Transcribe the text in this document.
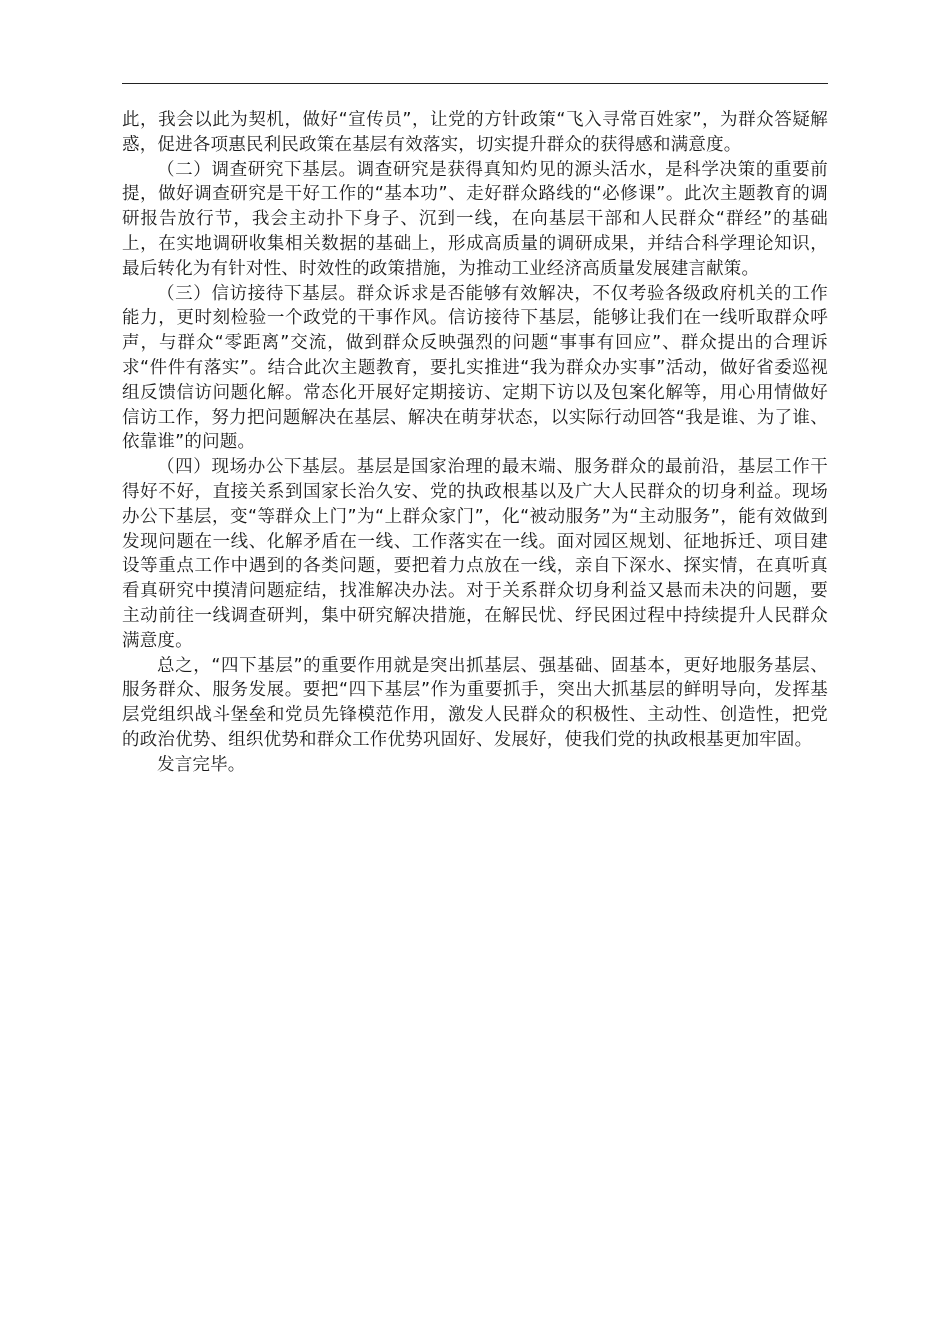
此，我会以此为契机，做好“宣传员”，让党的方针政策“飞入寻常百姓家”，为群众答疑解惑，促进各项惠民利民政策在基层有效落实，切实提升群众的获得感和满意度。

（二）调查研究下基层。调查研究是获得真知灼见的源头活水，是科学决策的重要前提，做好调查研究是干好工作的“基本功”、走好群众路线的“必修课”。此次主题教育的调研报告放行节，我会主动扑下身子、沉到一线，在向基层干部和人民群众“群经”的基础上，在实地调研收集相关数据的基础上，形成高质量的调研成果，并结合科学理论知识，最后转化为有针对性、时效性的政策措施，为推动工业经济高质量发展建言献策。

（三）信访接待下基层。群众诉求是否能够有效解决，不仅考验各级政府机关的工作能力，更时刻检验一个政党的干事作风。信访接待下基层，能够让我们在一线听取群众呼声，与群众“零距离”交流，做到群众反映强烈的问题“事事有回应”、群众提出的合理诉求“件件有落实”。结合此次主题教育，要扎实推进“我为群众办实事”活动，做好省委巡视组反馈信访问题化解。常态化开展好定期接访、定期下访以及包案化解等，用心用情做好信访工作，努力把问题解决在基层、解决在萌芽状态，以实际行动回答“我是谁、为了谁、依靠谁”的问题。

（四）现场办公下基层。基层是国家治理的最末端、服务群众的最前沿，基层工作干得好不好，直接关系到国家长治久安、党的执政根基以及广大人民群众的切身利益。现场办公下基层，变“等群众上门”为“上群众家门”，化“被动服务”为“主动服务”，能有效做到发现问题在一线、化解矛盾在一线、工作落实在一线。面对园区规划、征地拆迁、项目建设等重点工作中遇到的各类问题，要把着力点放在一线，亲自下深水、探实情，在真听真看真研究中摸清问题症结，找准解决办法。对于关系群众切身利益又悬而未决的问题，要主动前往一线调查研判，集中研究解决措施，在解民忧、纾民困过程中持续提升人民群众满意度。

总之，“四下基层”的重要作用就是突出抓基层、强基础、固基本，更好地服务基层、服务群众、服务发展。要把“四下基层”作为重要抓手，突出大抓基层的鲜明导向，发挥基层党组织战斗堡垒和党员先锋模范作用，激发人民群众的积极性、主动性、创造性，把党的政治优势、组织优势和群众工作优势巩固好、发展好，使我们党的执政根基更加牢固。

发言完毕。
